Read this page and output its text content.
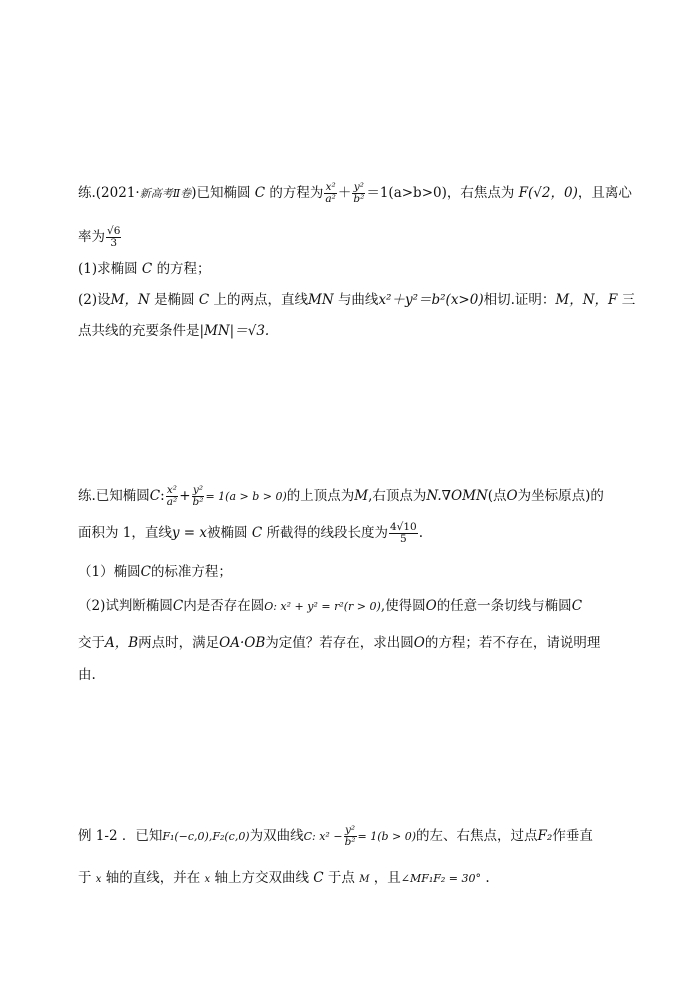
练.(2021·新高考Ⅱ卷)已知椭圆 C 的方程为 $\frac{\text{x²}}{\text{a²}} + \frac{\text{y²}}{\text{b²}} =1(a>b>0)$，右焦点为 F(√2，0)，且离心
率为 $\frac{√6}{3}$
(1)求椭圆 C 的方程；
(2)设M，N 是椭圆 C 上的两点，直线MN 与曲线x²＋y²＝b²(x>0)相切.证明：M，N，F 三
点共线的充要条件是|MN|＝√3.
练.已知椭圆C: $\frac{\text{x²}}{\text{a²}} + \frac{\text{y²}}{\text{b²}} = 1(a > b > 0)$的上顶点为M,右顶点为N.∇OMN(点O为坐标原点)的
面积为 1，直线y = x被椭圆 C 所截得的线段长度为 $\frac{4√10}{5}$ .
（1）椭圆C的标准方程；
（2)试判断椭圆C内是否存在圆O: x² + y² = r²(r > 0),使得圆O的任意一条切线与椭圆C
交于A，B两点时，满足OA·OB为定值？若存在，求出圆O的方程；若不存在，请说明理
由.
例 1-2 ．已知F₁(−c,0),F₂(c,0)为双曲线C: $x^2 - \frac{\text{y²}}{\text{b²}} = 1(b > 0)$的左、右焦点，过点F₂作垂直
于 x 轴的直线，并在 x 轴上方交双曲线 C 于点 M ，且∠MF₁F₂ = 30° .
